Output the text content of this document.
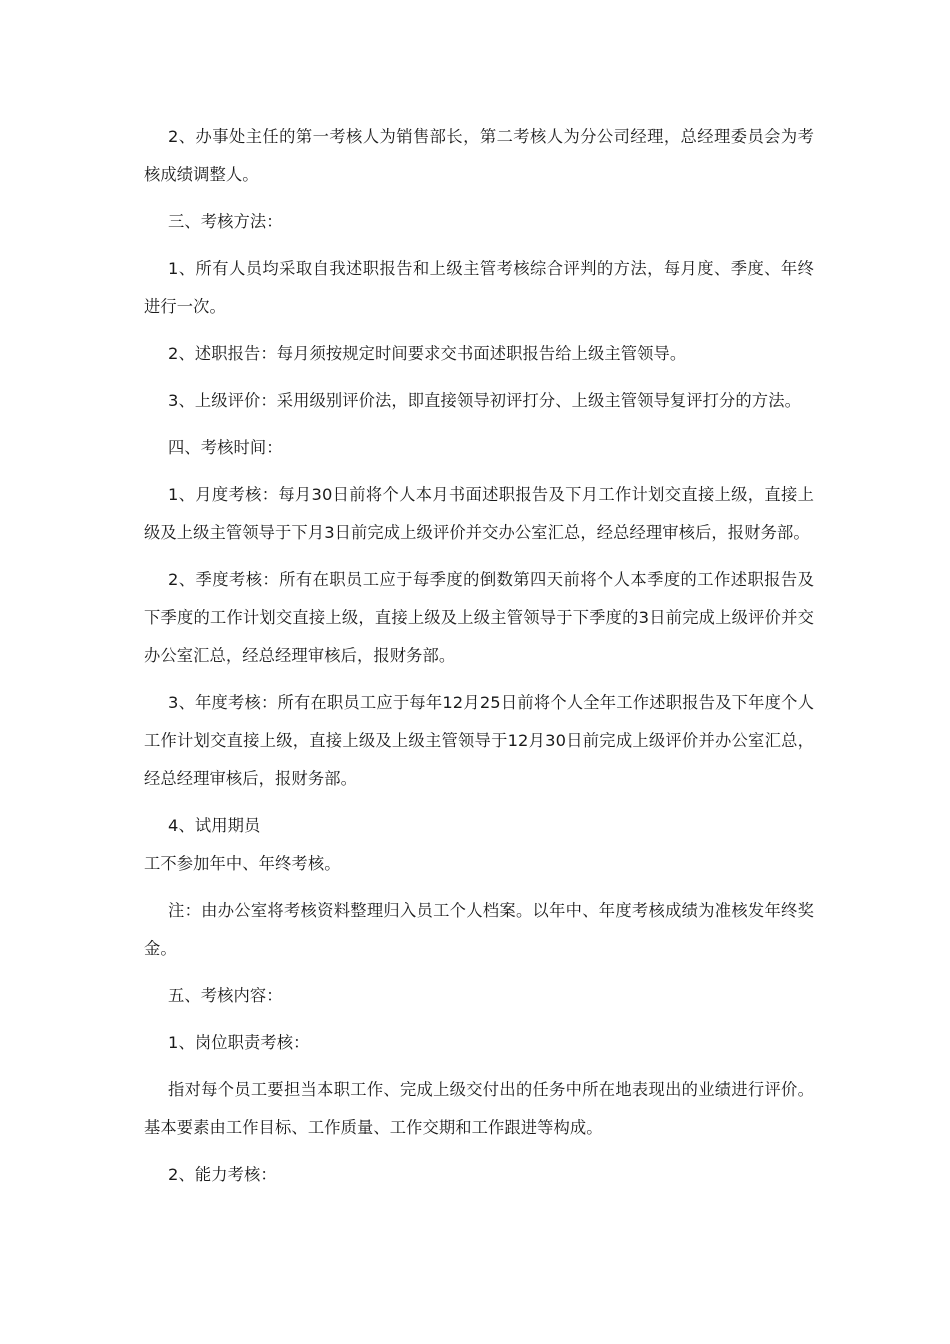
2、办事处主任的第一考核人为销售部长，第二考核人为分公司经理，总经理委员会为考核成绩调整人。

三、考核方法：

1、所有人员均采取自我述职报告和上级主管考核综合评判的方法，每月度、季度、年终进行一次。

2、述职报告：每月须按规定时间要求交书面述职报告给上级主管领导。

3、上级评价：采用级别评价法，即直接领导初评打分、上级主管领导复评打分的方法。

四、考核时间：

1、月度考核：每月30日前将个人本月书面述职报告及下月工作计划交直接上级，直接上级及上级主管领导于下月3日前完成上级评价并交办公室汇总，经总经理审核后，报财务部。

2、季度考核：所有在职员工应于每季度的倒数第四天前将个人本季度的工作述职报告及下季度的工作计划交直接上级，直接上级及上级主管领导于下季度的3日前完成上级评价并交办公室汇总，经总经理审核后，报财务部。

3、年度考核：所有在职员工应于每年12月25日前将个人全年工作述职报告及下年度个人工作计划交直接上级，直接上级及上级主管领导于12月30日前完成上级评价并办公室汇总，经总经理审核后，报财务部。

4、试用期员

工不参加年中、年终考核。

注：由办公室将考核资料整理归入员工个人档案。以年中、年度考核成绩为准核发年终奖金。

五、考核内容：

1、岗位职责考核：

指对每个员工要担当本职工作、完成上级交付出的任务中所在地表现出的业绩进行评价。基本要素由工作目标、工作质量、工作交期和工作跟进等构成。

2、能力考核：
